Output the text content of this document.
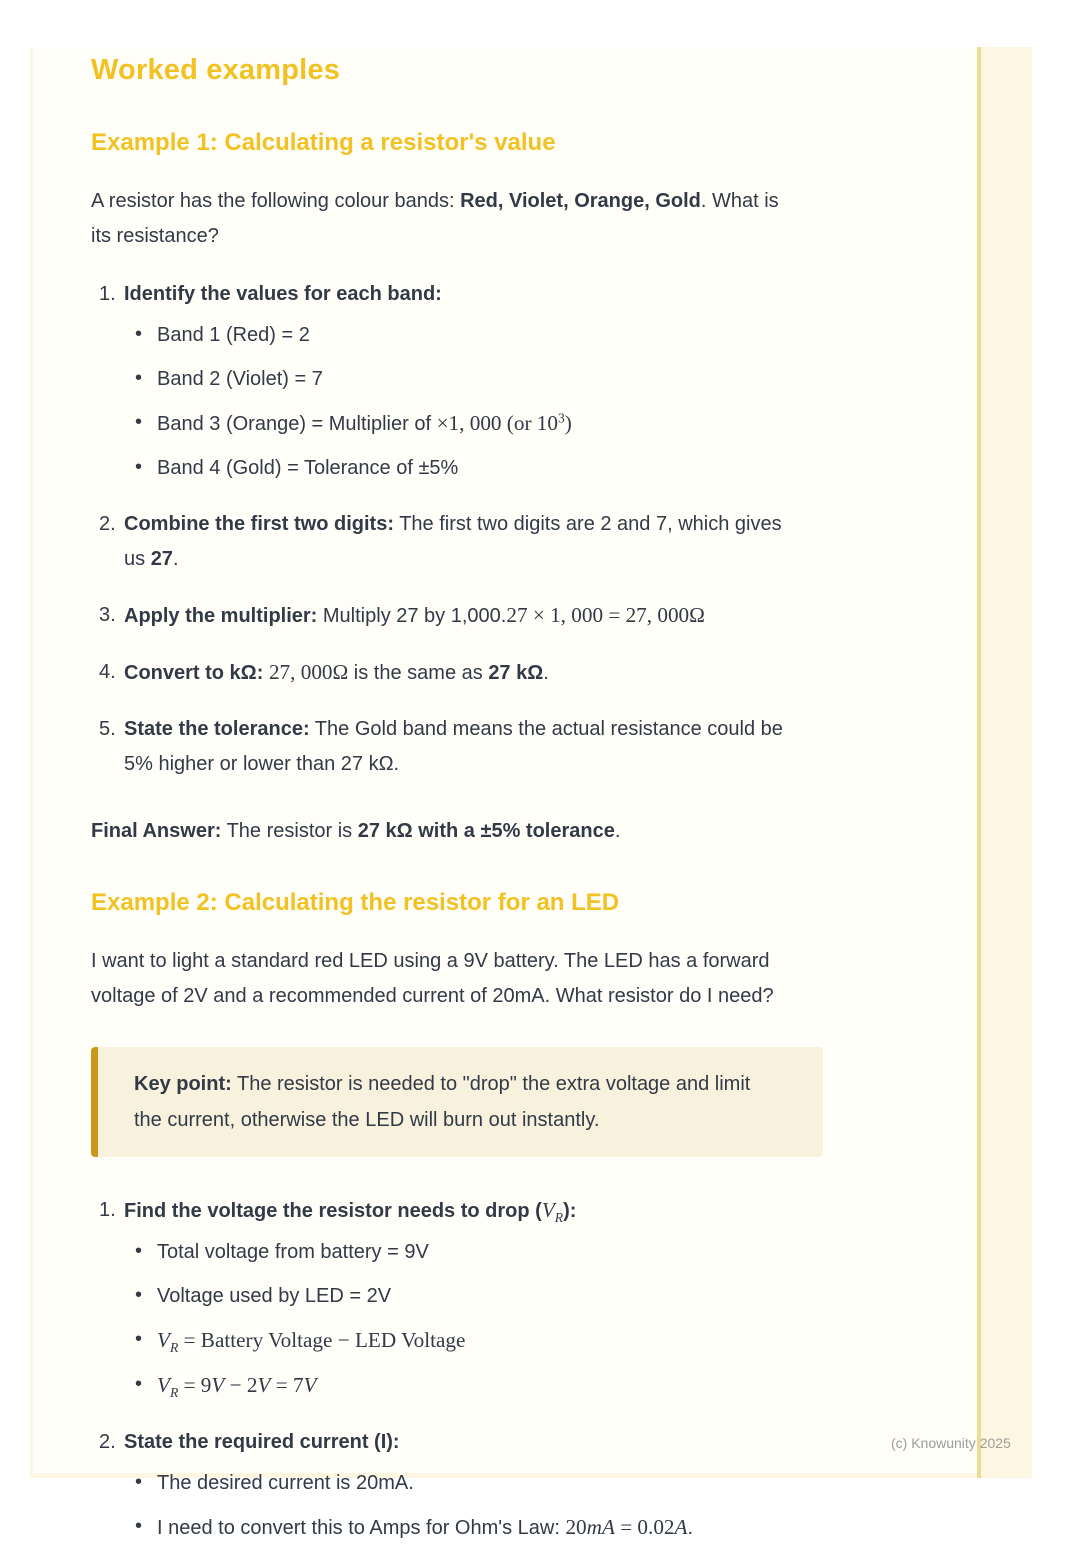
Worked examples
Example 1: Calculating a resistor's value

A resistor has the following colour bands: Red, Violet, Orange, Gold. What is
its resistance?

Identify the values for each band:
• Band 1 (Red) = 2
• Band 2 (Violet) = 7
• Band 3 (Orange) = Multiplier of ×1, 000 (or $10^3$)
• Band 4 (Gold) = Tolerance of ±5%
Combine the first two digits: The first two digits are 2 and 7, which gives
us 27.
Apply the multiplier: Multiply 27 by 1,000.27 × 1, 000 = 27, 000Ω
Convert to kΩ: 27, 000Ω is the same as 27 kΩ.
State the tolerance: The Gold band means the actual resistance could be
5% higher or lower than 27 kΩ.

Final Answer: The resistor is 27 kΩ with a ±5% tolerance.

Example 2: Calculating the resistor for an LED

I want to light a standard red LED using a 9V battery. The LED has a forward
voltage of 2V and a recommended current of 20mA. What resistor do I need?

Key point: The resistor is needed to "drop" the extra voltage and limit
the current, otherwise the LED will burn out instantly.
Find the voltage the resistor needs to drop $(V_R)$:
• Total voltage from battery = 9V
• Voltage used by LED = 2V
• $V_R$ = Battery Voltage − LED Voltage
• $V_R = 9V - 2V = 7V$
State the required current (I):
• The desired current is 20mA.
• I need to convert this to Amps for Ohm's Law: 20mA = 0.02A.
(c) Knowunity 2025
